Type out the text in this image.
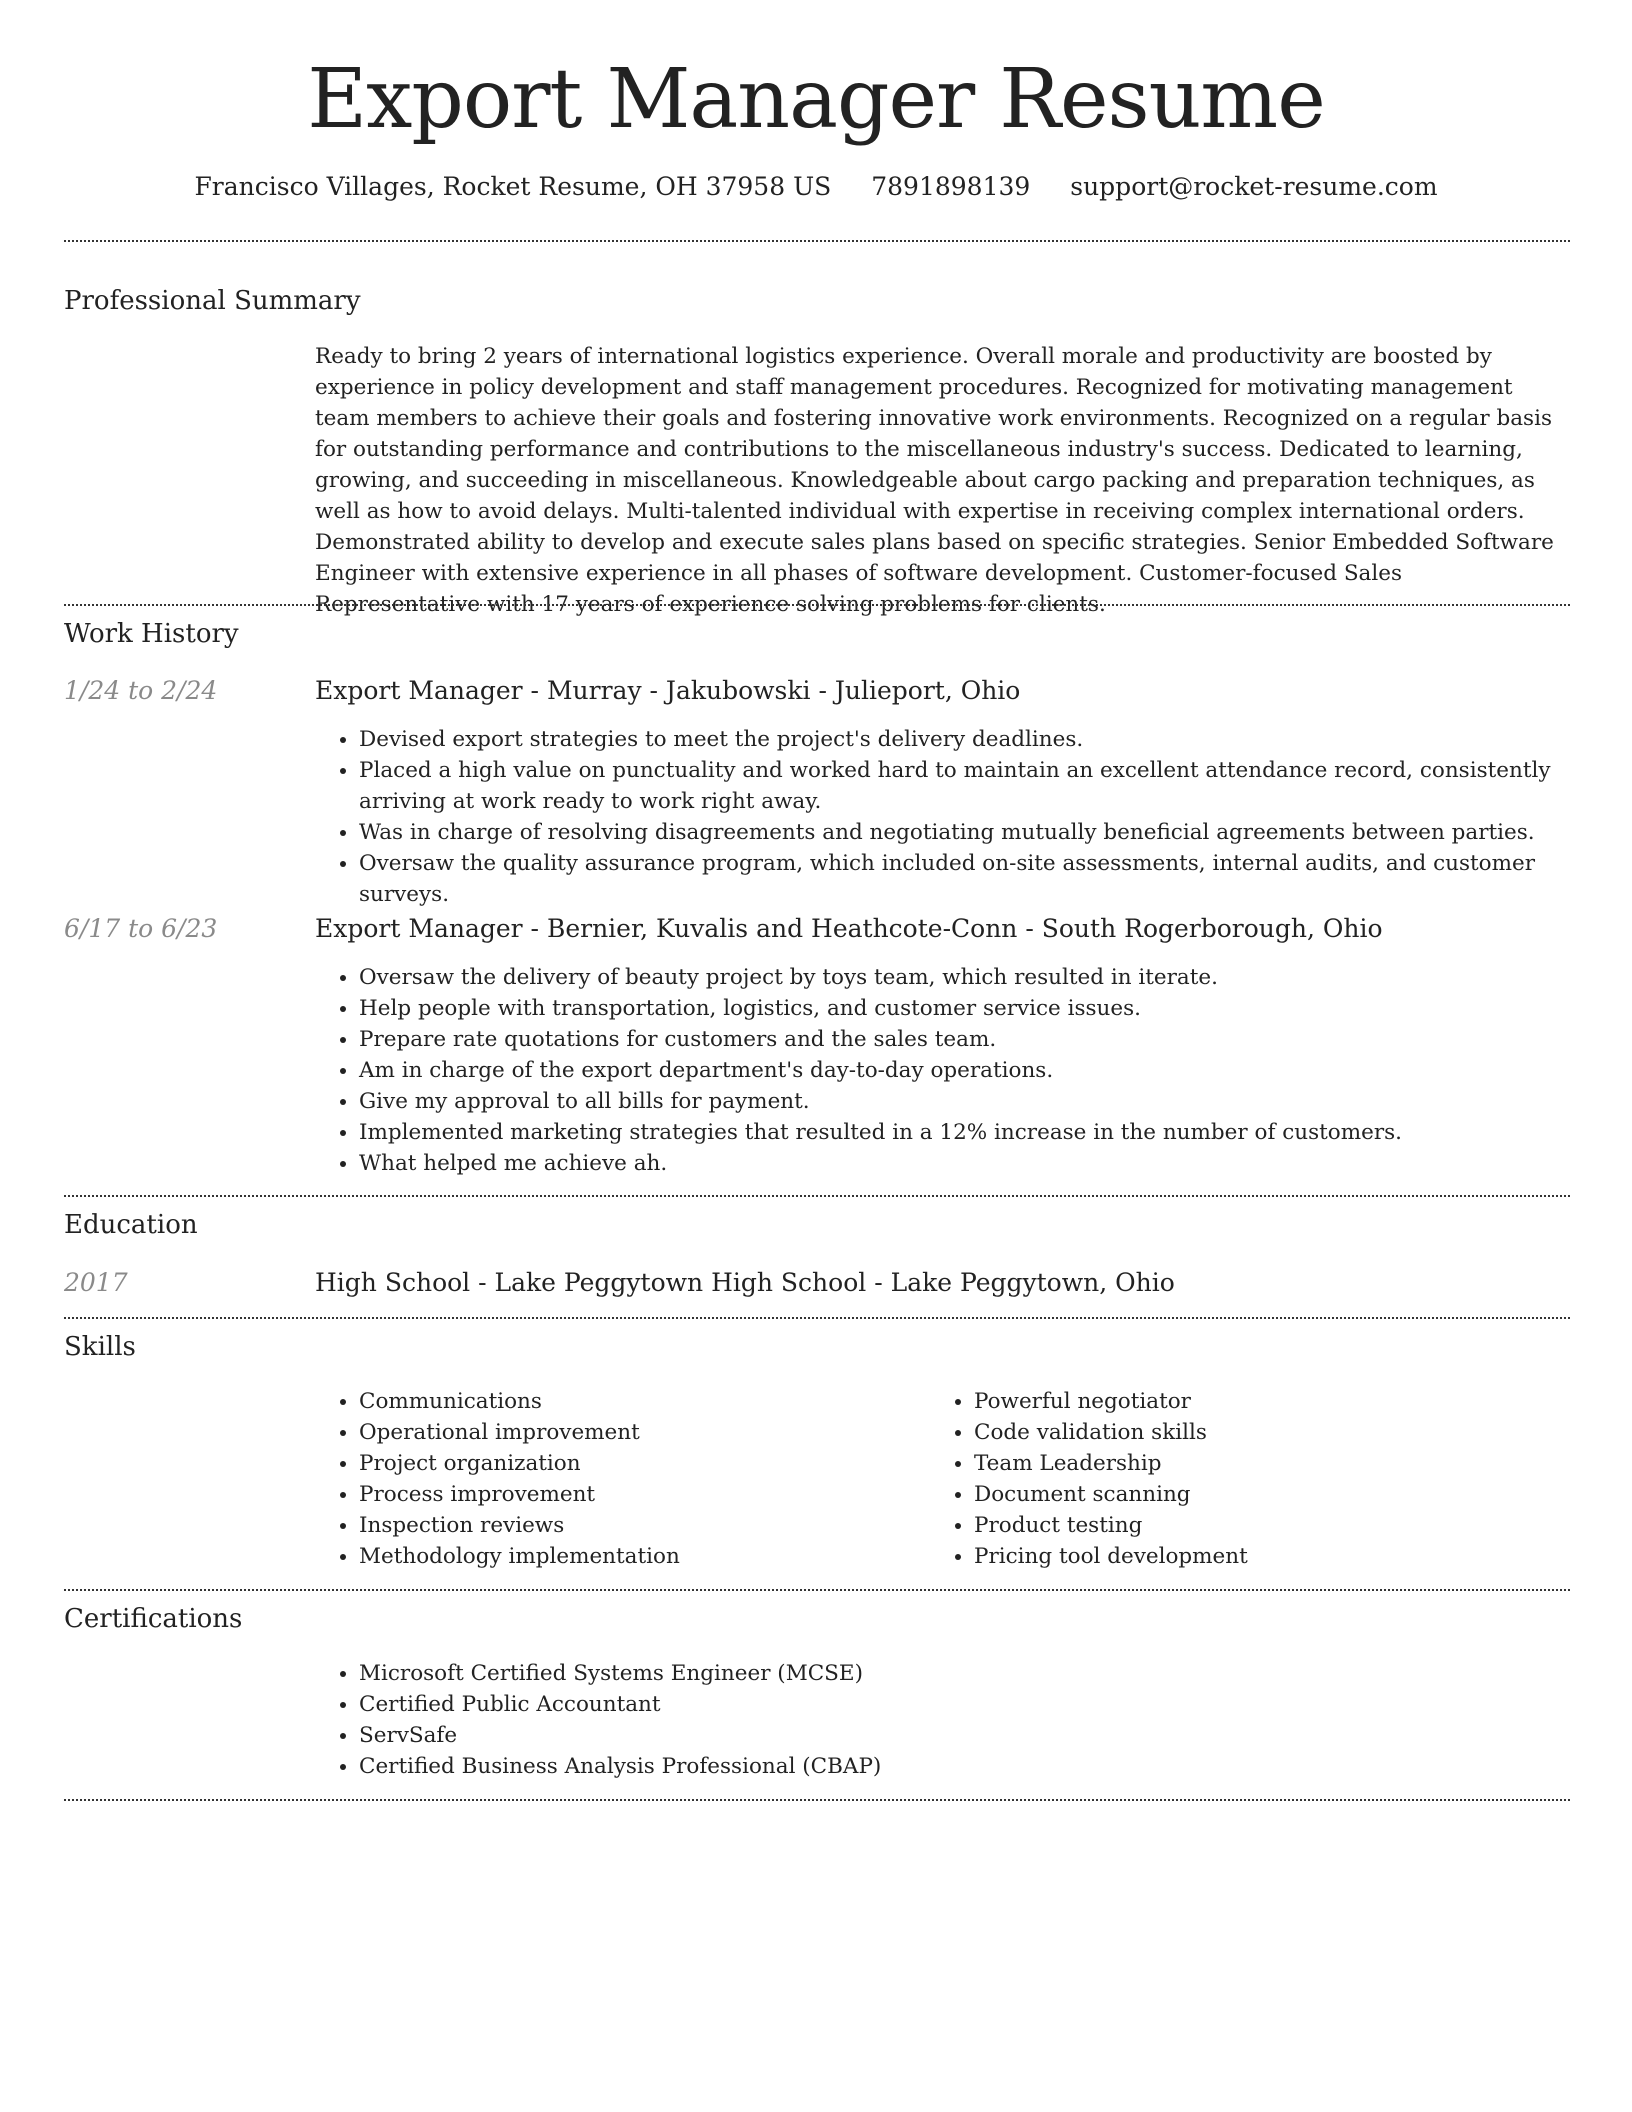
Export Manager Resume
Francisco Villages, Rocket Resume, OH 37958 US 7891898139 support@rocket-resume.com
Professional Summary

Ready to bring 2 years of international logistics experience. Overall morale and productivity are boosted by experience in policy development and staff management procedures. Recognized for motivating management team members to achieve their goals and fostering innovative work environments. Recognized on a regular basis for outstanding performance and contributions to the miscellaneous industry's success. Dedicated to learning, growing, and succeeding in miscellaneous. Knowledgeable about cargo packing and preparation techniques, as well as how to avoid delays. Multi-talented individual with expertise in receiving complex international orders. Demonstrated ability to develop and execute sales plans based on specific strategies. Senior Embedded Software Engineer with extensive experience in all phases of software development. Customer-focused Sales Representative with 17 years of experience solving problems for clients.

Work History
1/24 to 2/24	Export Manager - Murray - Jakubowski - Julieport, Ohio
• Devised export strategies to meet the project's delivery deadlines.
• Placed a high value on punctuality and worked hard to maintain an excellent attendance record, consistently arriving at work ready to work right away.
• Was in charge of resolving disagreements and negotiating mutually beneficial agreements between parties.
• Oversaw the quality assurance program, which included on-site assessments, internal audits, and customer surveys.
6/17 to 6/23	Export Manager - Bernier, Kuvalis and Heathcote-Conn - South Rogerborough, Ohio
• Oversaw the delivery of beauty project by toys team, which resulted in iterate.
• Help people with transportation, logistics, and customer service issues.
• Prepare rate quotations for customers and the sales team.
• Am in charge of the export department's day-to-day operations.
• Give my approval to all bills for payment.
• Implemented marketing strategies that resulted in a 12% increase in the number of customers.
• What helped me achieve ah.
Education
2017	High School - Lake Peggytown High School - Lake Peggytown, Ohio
Skills
• Communications
• Operational improvement
• Project organization
• Process improvement
• Inspection reviews
• Methodology implementation
• Powerful negotiator
• Code validation skills
• Team Leadership
• Document scanning
• Product testing
• Pricing tool development
Certifications
• Microsoft Certified Systems Engineer (MCSE)
• Certified Public Accountant
• ServSafe
• Certified Business Analysis Professional (CBAP)
